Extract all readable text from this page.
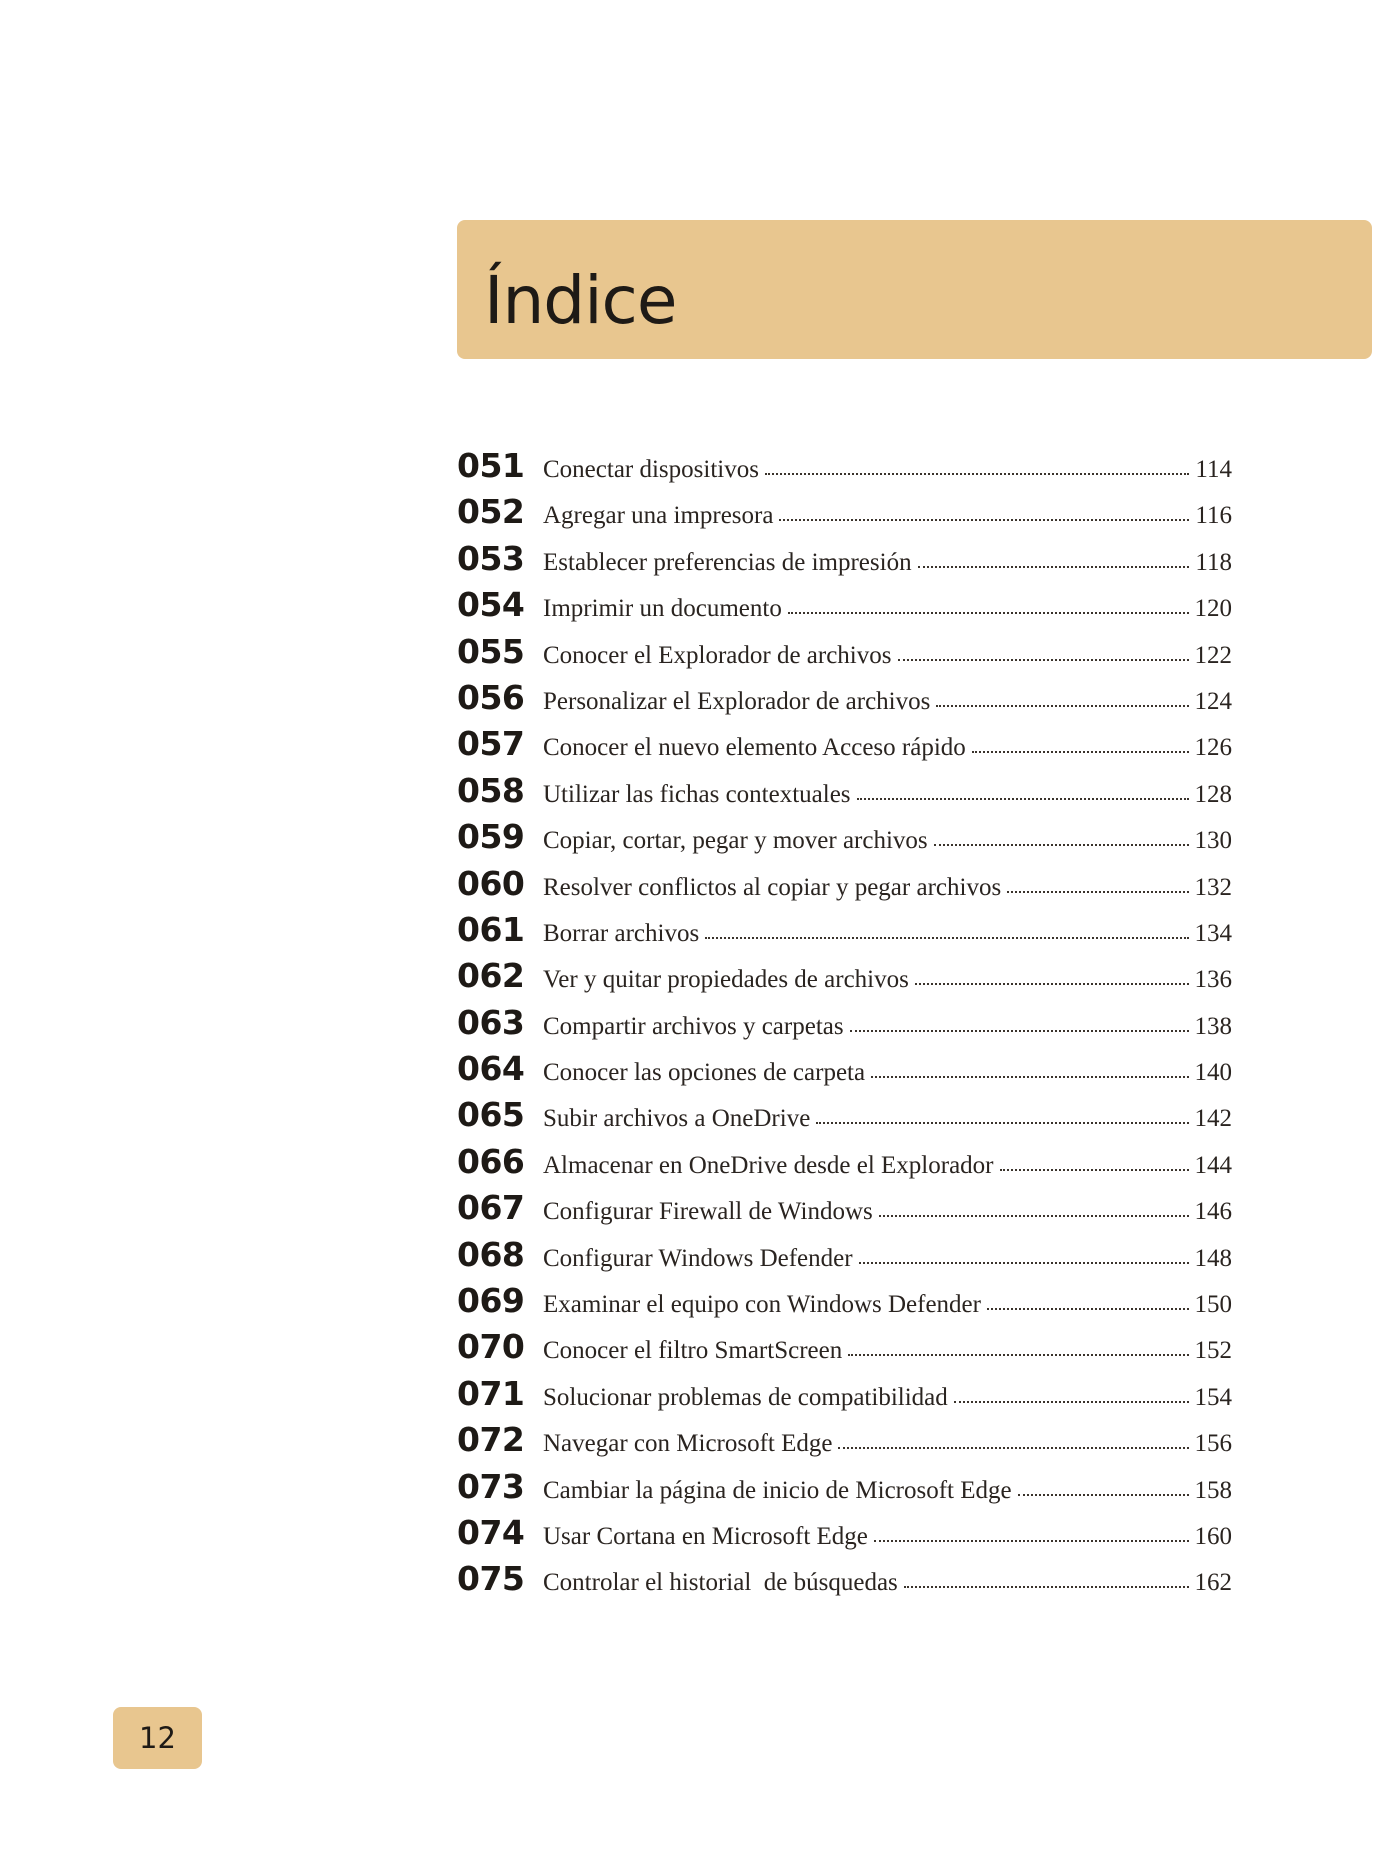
Índice
051 Conectar dispositivos	114
052 Agregar una impresora	116
053 Establecer preferencias de impresión	118
054 Imprimir un documento	120
055 Conocer el Explorador de archivos	122
056 Personalizar el Explorador de archivos	124
057 Conocer el nuevo elemento Acceso rápido	126
058 Utilizar las fichas contextuales	128
059 Copiar, cortar, pegar y mover archivos	130
060 Resolver conflictos al copiar y pegar archivos	132
061 Borrar archivos	134
062 Ver y quitar propiedades de archivos	136
063 Compartir archivos y carpetas	138
064 Conocer las opciones de carpeta	140
065 Subir archivos a OneDrive	142
066 Almacenar en OneDrive desde el Explorador	144
067 Configurar Firewall de Windows	146
068 Configurar Windows Defender	148
069 Examinar el equipo con Windows Defender	150
070 Conocer el filtro SmartScreen	152
071 Solucionar problemas de compatibilidad	154
072 Navegar con Microsoft Edge	156
073 Cambiar la página de inicio de Microsoft Edge	158
074 Usar Cortana en Microsoft Edge	160
075 Controlar el historial  de búsquedas	162
12
